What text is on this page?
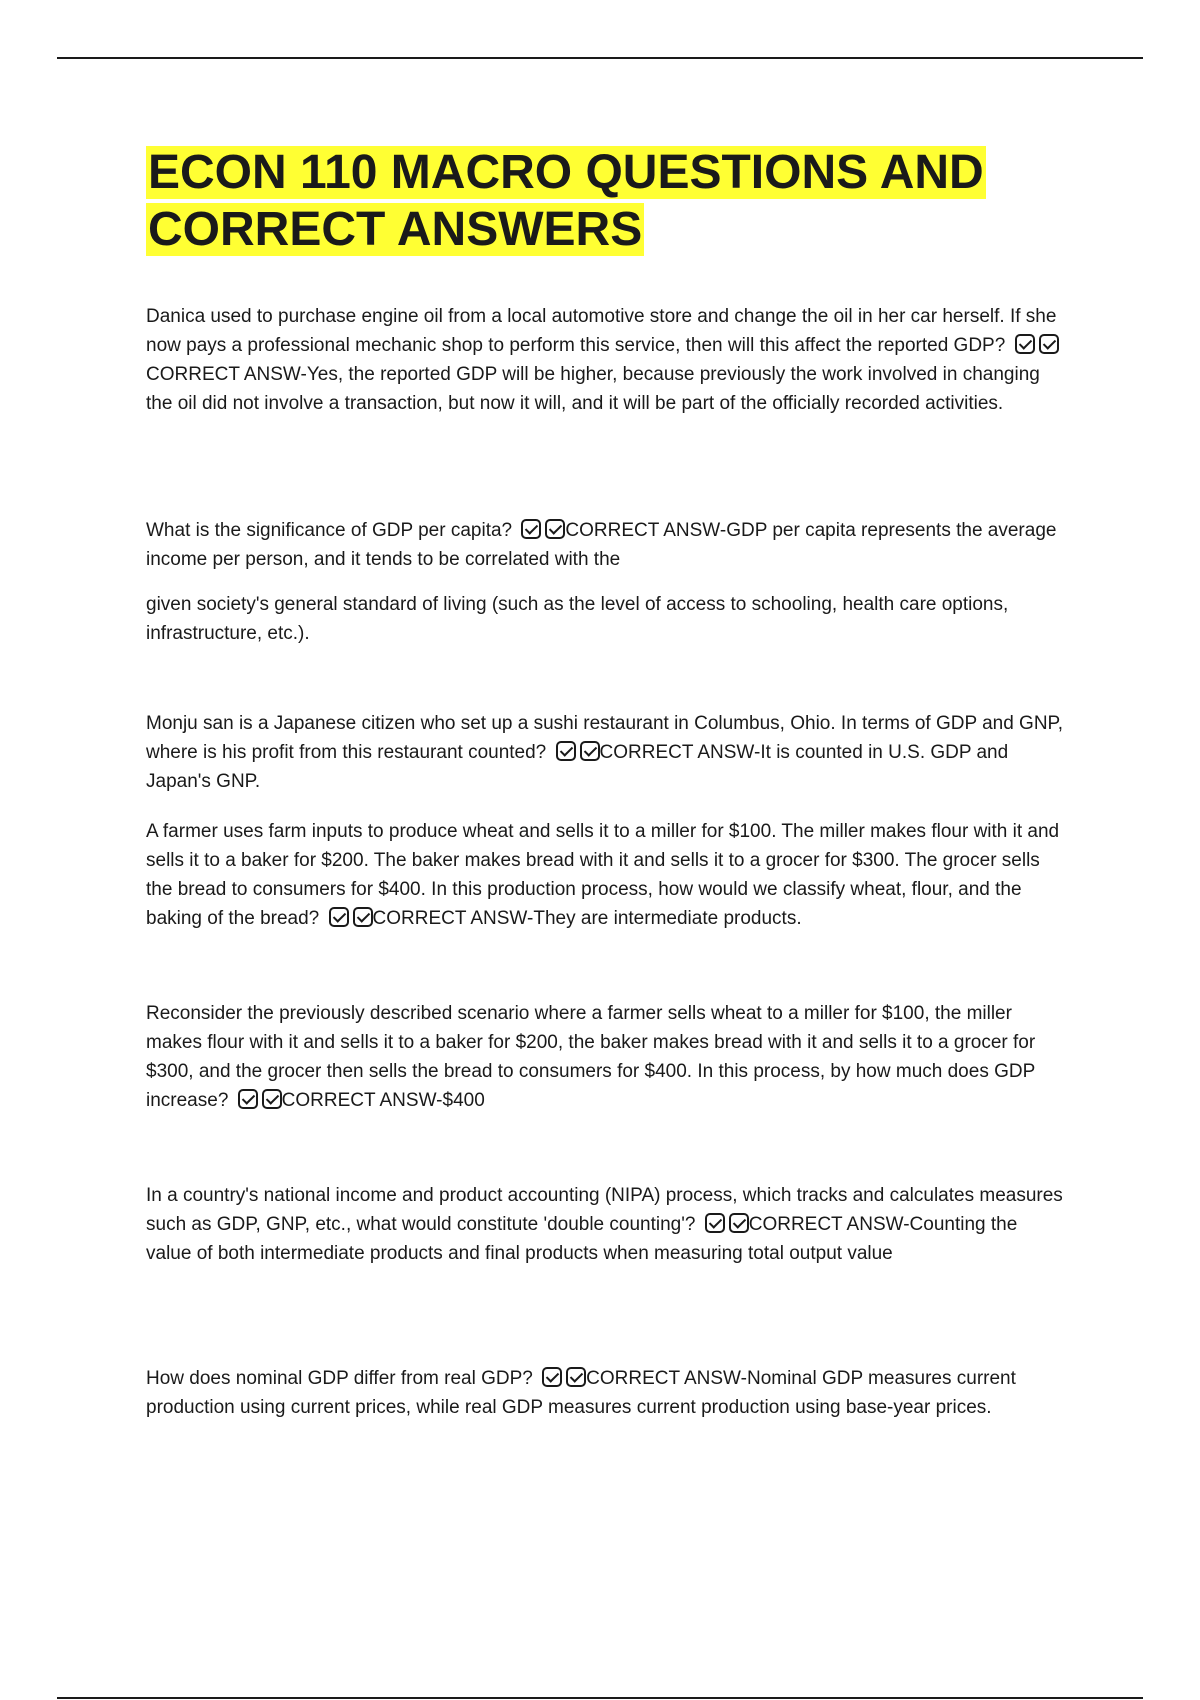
ECON 110 MACRO QUESTIONS AND CORRECT ANSWERS
Danica used to purchase engine oil from a local automotive store and change the oil in her car herself. If she now pays a professional mechanic shop to perform this service, then will this affect the reported GDP? CORRECT ANSW-Yes, the reported GDP will be higher, because previously the work involved in changing the oil did not involve a transaction, but now it will, and it will be part of the officially recorded activities.
What is the significance of GDP per capita?	CORRECT ANSW-GDP per capita represents the average income per person, and it tends to be correlated with the
given society's general standard of living (such as the level of access to schooling, health care options, infrastructure, etc.).
Monju san is a Japanese citizen who set up a sushi restaurant in Columbus, Ohio. In terms of GDP and GNP, where is his profit from this restaurant counted?	CORRECT ANSW-It is counted in U.S. GDP and Japan's GNP.
A farmer uses farm inputs to produce wheat and sells it to a miller for $100. The miller makes flour with it and sells it to a baker for $200. The baker makes bread with it and sells it to a grocer for $300. The grocer sells the bread to consumers for $400. In this production process, how would we classify wheat, flour, and the baking of the bread?	CORRECT ANSW-They are intermediate products.
Reconsider the previously described scenario where a farmer sells wheat to a miller for $100, the miller makes flour with it and sells it to a baker for $200, the baker makes bread with it and sells it to a grocer for $300, and the grocer then sells the bread to consumers for $400. In this process, by how much does GDP increase?	CORRECT ANSW-$400
In a country's national income and product accounting (NIPA) process, which tracks and calculates measures such as GDP, GNP, etc., what would constitute 'double counting'?	CORRECT ANSW-Counting the value of both intermediate products and final products when measuring total output value
How does nominal GDP differ from real GDP?	CORRECT ANSW-Nominal GDP measures current production using current prices, while real GDP measures current production using base-year prices.
